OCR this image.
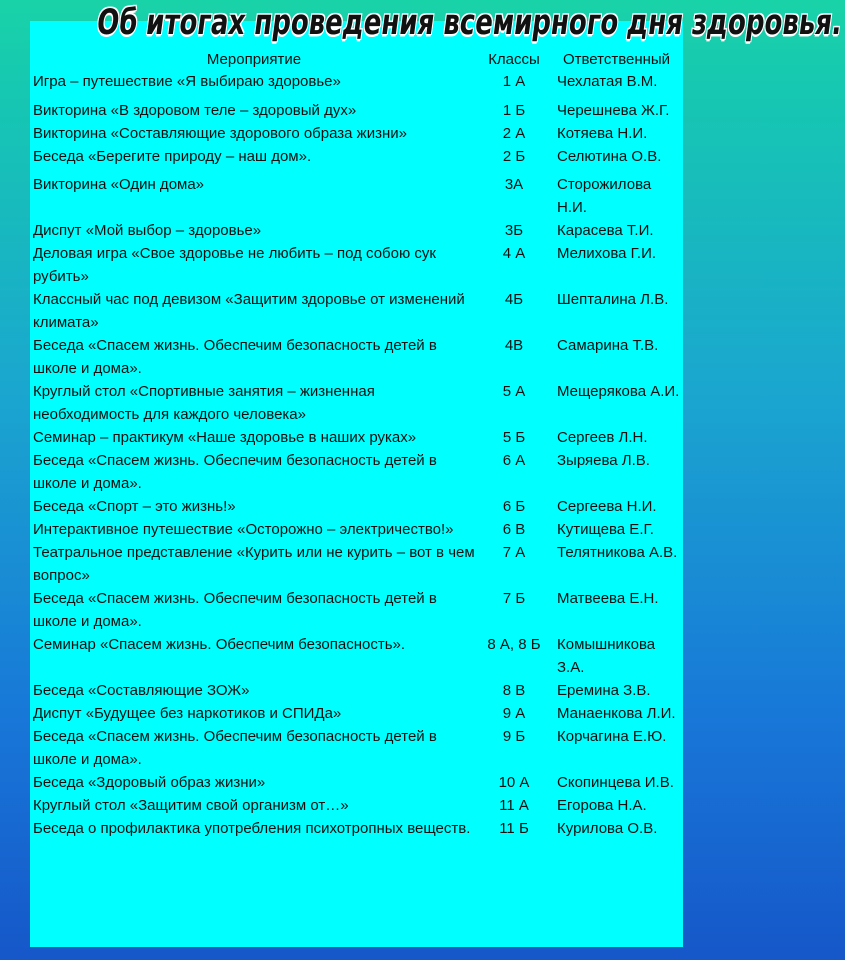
Об итогах проведения всемирного дня здоровья.
Мероприятие	Классы	Ответственный
Игра – путешествие «Я выбираю здоровье»	1 А	Чехлатая В.М.
Викторина «В здоровом теле – здоровый дух»	1 Б	Черешнева Ж.Г.
Викторина «Составляющие здорового образа жизни»	2 А	Котяева Н.И.
Беседа «Берегите природу – наш дом».	2 Б	Селютина О.В.
Викторина «Один дома»	3А	Сторожилова Н.И.
Диспут «Мой выбор – здоровье»	3Б	Карасева Т.И.
Деловая игра «Свое здоровье не любить – под собою сук рубить»	4 А	Мелихова Г.И.
Классный час под девизом «Защитим здоровье от изменений климата»	4Б	Шепталина Л.В.
Беседа «Спасем жизнь. Обеспечим безопасность детей в школе и дома».	4В	Самарина Т.В.
Круглый стол «Спортивные занятия – жизненная необходимость для каждого человека»	5 А	Мещерякова А.И.
Семинар – практикум «Наше здоровье в наших руках»	5 Б	Сергеев Л.Н.
Беседа «Спасем жизнь. Обеспечим безопасность детей в школе и дома».	6 А	Зыряева Л.В.
Беседа «Спорт – это жизнь!»	6 Б	Сергеева Н.И.
Интерактивное путешествие «Осторожно – электричество!»	6 В	Кутищева Е.Г.
Театральное представление «Курить или не курить – вот в чем вопрос»	7 А	Телятникова А.В.
Беседа «Спасем жизнь. Обеспечим безопасность детей в школе и дома».	7 Б	Матвеева Е.Н.
Семинар «Спасем жизнь. Обеспечим безопасность».	8 А, 8 Б	Комышникова З.А.
Беседа «Составляющие ЗОЖ»	8 В	Еремина З.В.
Диспут «Будущее без наркотиков и СПИДа»	9 А	Манаенкова Л.И.
Беседа «Спасем жизнь. Обеспечим безопасность детей в школе и дома».	9 Б	Корчагина Е.Ю.
Беседа «Здоровый образ жизни»	10 А	Скопинцева И.В.
Круглый стол «Защитим свой организм от…»	11 А	Егорова Н.А.
Беседа о профилактика употребления психотропных веществ.	11 Б	Курилова О.В.
